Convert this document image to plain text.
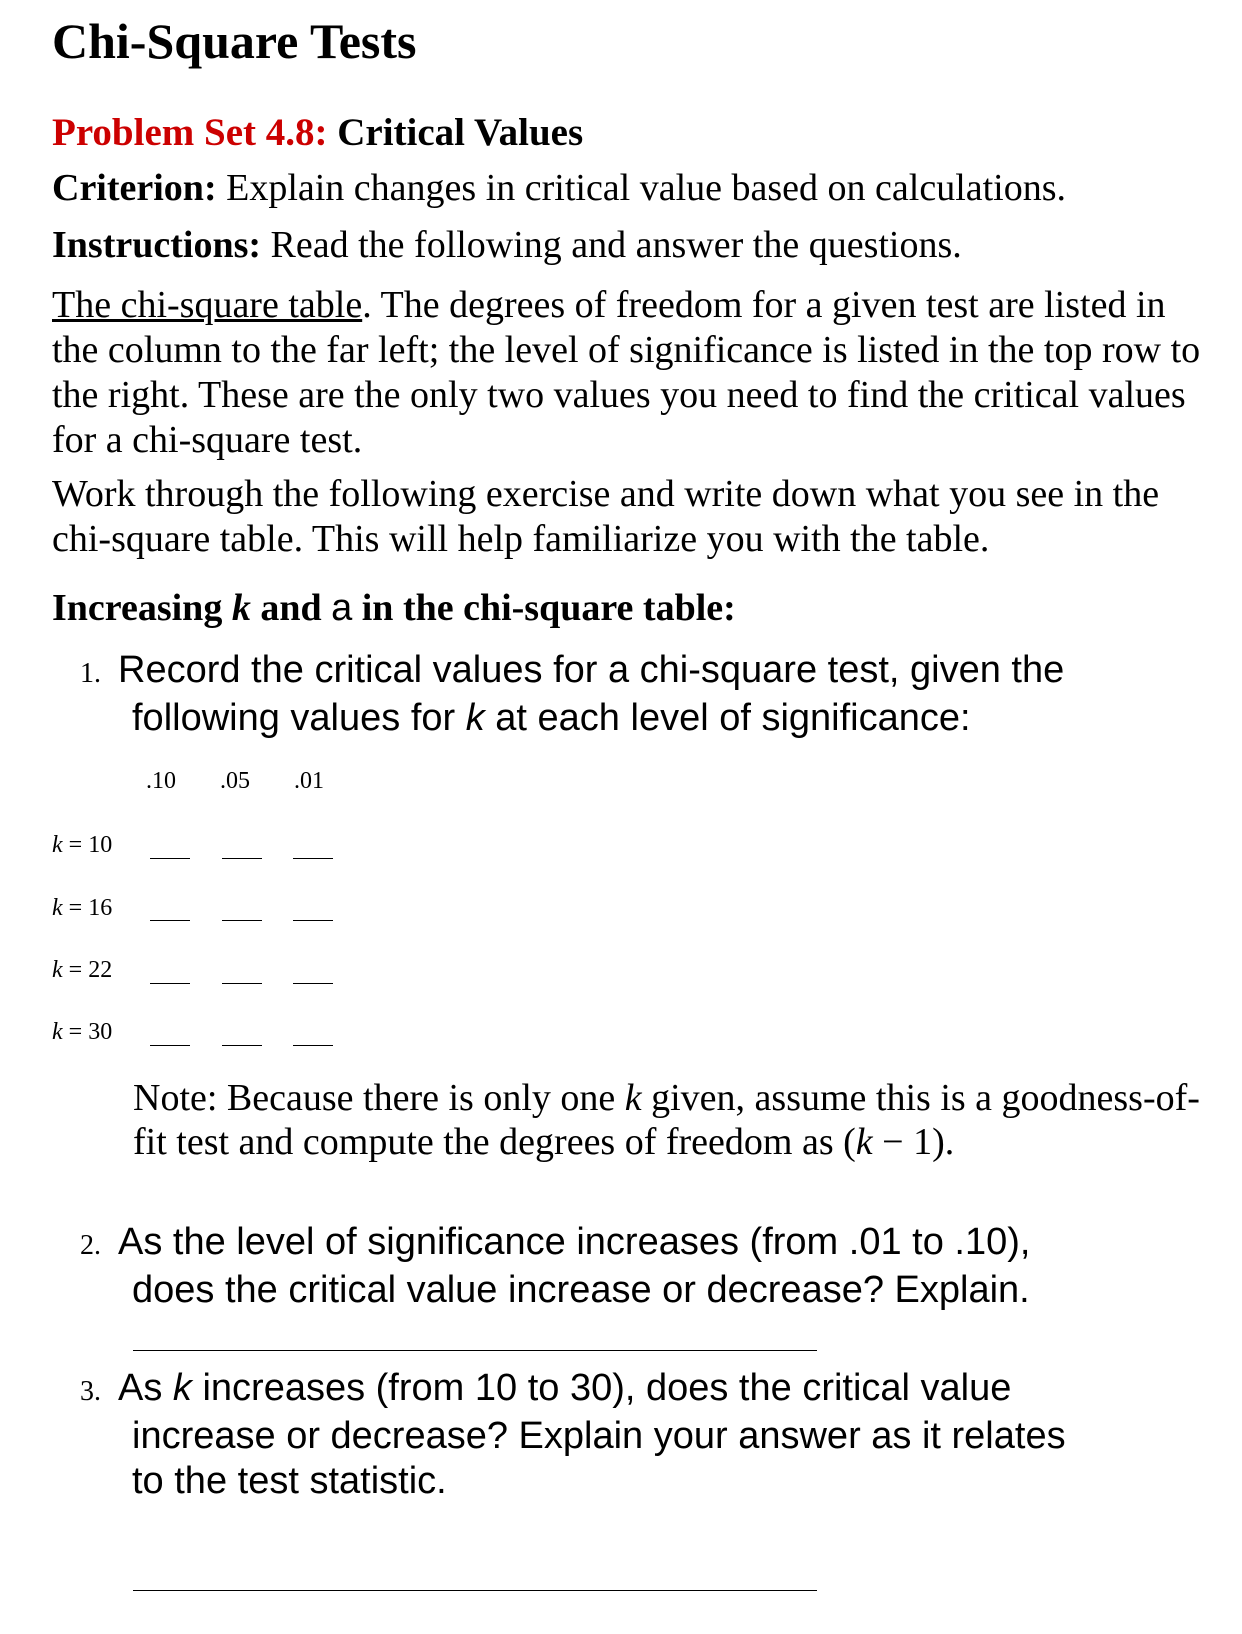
Chi-Square Tests

Problem Set 4.8: Critical Values

Criterion: Explain changes in critical value based on calculations.

Instructions: Read the following and answer the questions.

The chi-square table. The degrees of freedom for a given test are listed in the column to the far left; the level of significance is listed in the top row to the right. These are the only two values you need to find the critical values for a chi-square test.

Work through the following exercise and write down what you see in the chi-square table. This will help familiarize you with the table.

Increasing k and a in the chi-square table:

1. Record the critical values for a chi-square test, given the
following values for k at each level of significance:

.10 .05 .01

k = 10

k = 16

k = 22

k = 30

Note: Because there is only one k given, assume this is a goodness-of-fit test and compute the degrees of freedom as (k − 1).

2. As the level of significance increases (from .01 to .10),
does the critical value increase or decrease? Explain.
3. As k increases (from 10 to 30), does the critical value
increase or decrease? Explain your answer as it relates
to the test statistic.
